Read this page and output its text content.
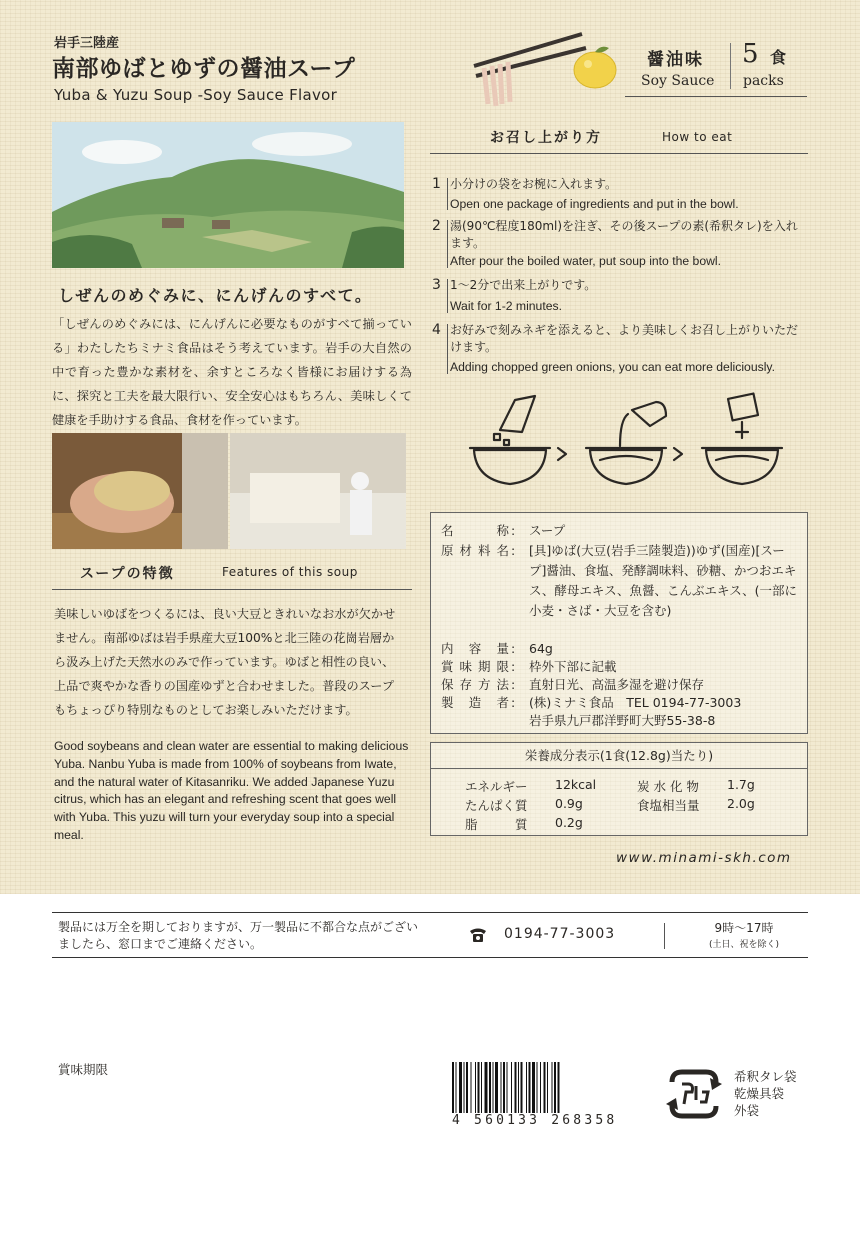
岩手三陸産
南部ゆばとゆずの醤油スープ
Yuba & Yuzu Soup -Soy Sauce Flavor
醤油味
Soy Sauce
5 食
packs
しぜんのめぐみに、にんげんのすべて。
「しぜんのめぐみには、にんげんに必要なものがすべて揃っている」わたしたちミナミ食品はそう考えています。岩手の大自然の中で育った豊かな素材を、余すところなく皆様にお届けする為に、探究と工夫を最大限行い、安全安心はもちろん、美味しくて健康を手助けする食品、食材を作っています。
スープの特徴	Features of this soup
美味しいゆばをつくるには、良い大豆ときれいなお水が欠かせません。南部ゆばは岩手県産大豆100%と北三陸の花崗岩層から汲み上げた天然水のみで作っています。ゆばと相性の良い、上品で爽やかな香りの国産ゆずと合わせました。普段のスープもちょっぴり特別なものとしてお楽しみいただけます。
Good soybeans and clean water are essential to making delicious Yuba. Nanbu Yuba is made from 100% of soybeans from Iwate, and the natural water of Kitasanriku. We added Japanese Yuzu citrus, which has an elegant and refreshing scent that goes well with Yuba. This yuzu will turn your everyday soup into a special meal.
お召し上がり方	How to eat
1 小分けの袋をお椀に入れます。
Open one package of ingredients and put in the bowl.
2 湯(90℃程度180ml)を注ぎ、その後スープの素(希釈タレ)を入れます。
After pour the boiled water, put soup into the bowl.
3 1～2分で出来上がりです。
Wait for 1-2 minutes.
4 お好みで刻みネギを添えると、より美味しくお召し上がりいただけます。
Adding chopped green onions, you can eat more deliciously.
名　　称 : スープ
原材料名 : [具]ゆば(大豆(岩手三陸製造))ゆず(国産)[スープ]醤油、食塩、発酵調味料、砂糖、かつおエキス、酵母エキス、魚醤、こんぶエキス、(一部に小麦・さば・大豆を含む)
内 容 量 : 64g
賞味期限 : 枠外下部に記載
保存方法 : 直射日光、高温多湿を避け保存
製 造 者 : (株)ミナミ食品　TEL 0194-77-3003
岩手県九戸郡洋野町大野55-38-8
栄養成分表示(1食(12.8g)当たり)
エネルギー 12kcal	炭 水 化 物 1.7g
たんぱく質 0.9g	食塩相当量 2.0g
脂　　　質 0.2g
www.minami-skh.com
製品には万全を期しておりますが、万一製品に不都合な点がございましたら、窓口までご連絡ください。
0194-77-3003	9時～17時
(土日、祝を除く)
賞味期限
4 560133 268358
希釈タレ袋
乾燥具袋
外袋
